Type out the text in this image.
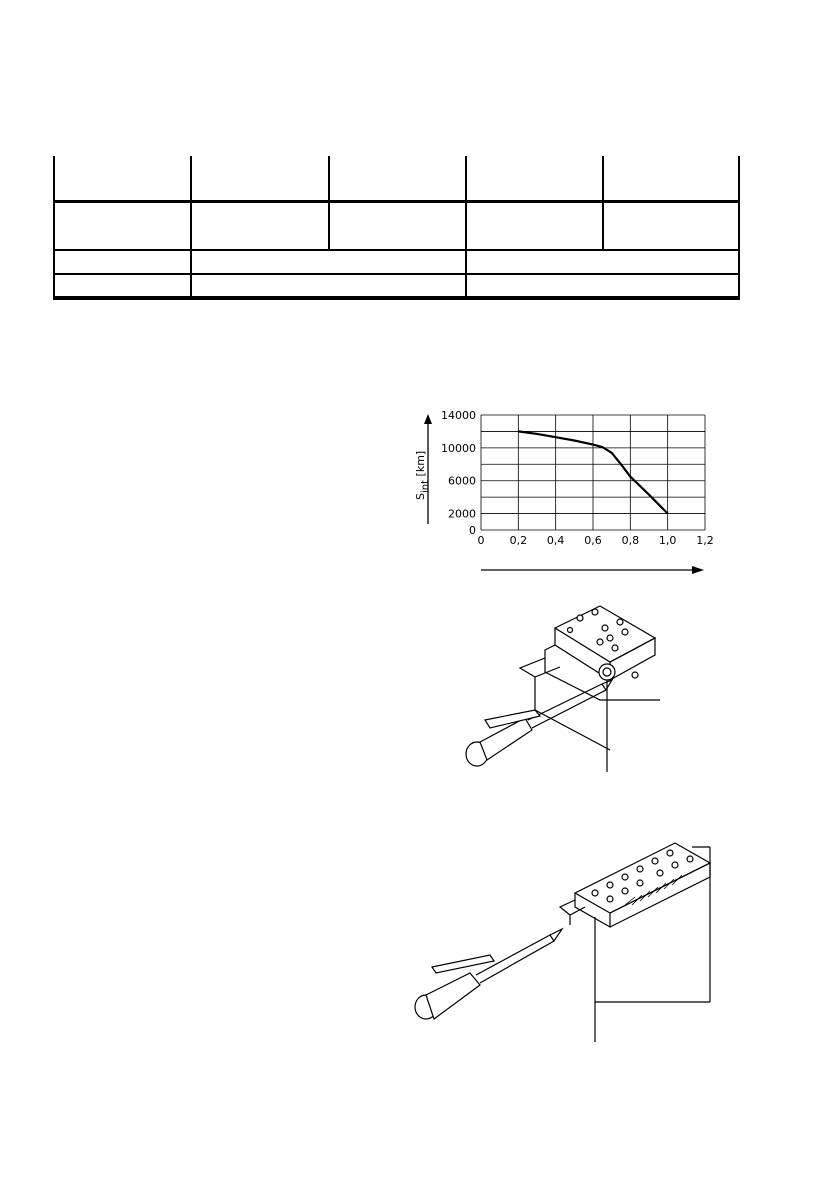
0 0,2 0,4 0,6 0,8 1,0 1,2
0
2000
6000
10000
14000
Sint [km]
